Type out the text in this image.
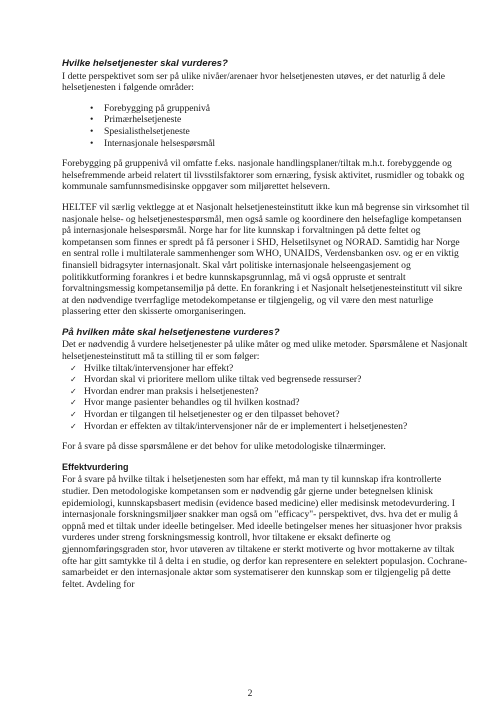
Hvilke helsetjenester skal vurderes?

I dette perspektivet som ser på ulike nivåer/arenaer hvor helsetjenesten utøves, er det naturlig å dele helsetjenesten i følgende områder:

• Forebygging på gruppenivå
• Primærhelsetjeneste
• Spesialisthelsetjeneste
• Internasjonale helsespørsmål

Forebygging på gruppenivå vil omfatte f.eks. nasjonale handlingsplaner/tiltak m.h.t. forebyggende og helsefremmende arbeid relatert til livsstilsfaktorer som ernæring, fysisk aktivitet, rusmidler og tobakk og kommunale samfunnsmedisinske oppgaver som miljørettet helsevern.

HELTEF vil særlig vektlegge at et Nasjonalt helsetjenesteinstitutt ikke kun må begrense sin virksomhet til nasjonale helse- og helsetjenestespørsmål, men også samle og koordinere den helsefaglige kompetansen på internasjonale helsespørsmål. Norge har for lite kunnskap i forvaltningen på dette feltet og kompetansen som finnes er spredt på få personer i SHD, Helsetilsynet og NORAD. Samtidig har Norge en sentral rolle i multilaterale sammenhenger som WHO, UNAIDS, Verdensbanken osv. og er en viktig finansiell bidragsyter internasjonalt. Skal vårt politiske internasjonale helseengasjement og politikkutforming forankres i et bedre kunnskapsgrunnlag, må vi også oppruste et sentralt forvaltningsmessig kompetansemiljø på dette. En forankring i et Nasjonalt helsetjenesteinstitutt vil sikre at den nødvendige tverrfaglige metodekompetanse er tilgjengelig, og vil være den mest naturlige plassering etter den skisserte omorganiseringen.

På hvilken måte skal helsetjenestene vurderes?

Det er nødvendig å vurdere helsetjenester på ulike måter og med ulike metoder. Spørsmålene et Nasjonalt helsetjenesteinstitutt må ta stilling til er som følger:

✓ Hvilke tiltak/intervensjoner har effekt?
✓ Hvordan skal vi prioritere mellom ulike tiltak ved begrensede ressurser?
✓ Hvordan endrer man praksis i helsetjenesten?
✓ Hvor mange pasienter behandles og til hvilken kostnad?
✓ Hvordan er tilgangen til helsetjenester og er den tilpasset behovet?
✓ Hvordan er effekten av tiltak/intervensjoner når de er implementert i helsetjenesten?

For å svare på disse spørsmålene er det behov for ulike metodologiske tilnærminger.

Effektvurdering

For å svare på hvilke tiltak i helsetjenesten som har effekt, må man ty til kunnskap ifra kontrollerte studier. Den metodologiske kompetansen som er nødvendig går gjerne under betegnelsen klinisk epidemiologi, kunnskapsbasert medisin (evidence based medicine) eller medisinsk metodevurdering. I internasjonale forskningsmiljøer snakker man også om "efficacy"- perspektivet, dvs. hva det er mulig å oppnå med et tiltak under ideelle betingelser. Med ideelle betingelser menes her situasjoner hvor praksis vurderes under streng forskningsmessig kontroll, hvor tiltakene er eksakt definerte og gjennomføringsgraden stor, hvor utøveren av tiltakene er sterkt motiverte og hvor mottakerne av tiltak ofte har gitt samtykke til å delta i en studie, og derfor kan representere en selektert populasjon. Cochrane-samarbeidet er den internasjonale aktør som systematiserer den kunnskap som er tilgjengelig på dette feltet. Avdeling for

2
